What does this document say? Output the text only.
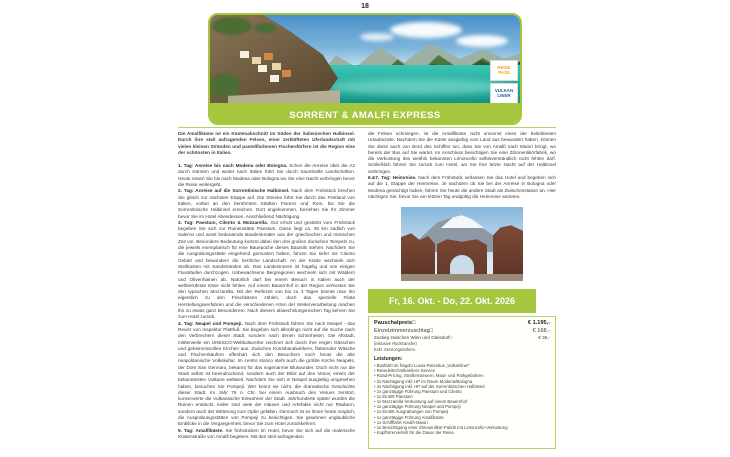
18
REISE
PASS
VULKAN
LINER
SORRENT & AMALFI EXPRESS

Die Amalfiküste ist ein Küstenabschnitt im Süden der italienischen Halbinsel. Durch ihre steil aufragenden Felsen, einer zerklüfteten Uferlandschaft mit vielen kleinen Stränden und pastellfarbenen Fischerdörfern ist die Region eine der schönsten in Italien.

1. Tag: Anreise bis nach Modena oder Bologna. Schon die Anreise über die A2 durch Kärnten und weiter nach Italien führt Sie durch traumhafte Landschaften. Heute reisen Sie bis nach Modena oder Bologna wo Sie eine Nacht verbringen bevor die Reise weitergeht.

2. Tag: Anreise auf die Sorrentinische Halbinsel. Nach dem Frühstück brechen Sie gleich zur nächsten Etappe auf. Die Strecke führt Sie durch das Festland von Italien, vorbei an den berühmten Städten Florenz und Rom, bis Sie die Sorrentinische Halbinsel erreichen. Dort angekommen, beziehen Sie Ihr Zimmer bevor Sie im Hotel Abendessen. Anschließend Nächtigung.

3. Tag: Paestum, Cilento & Mozzarella. Gut erholt und gestärkt vom Frühstück begeben Sie sich zur Ruinenstätte Paestum. Diese liegt ca. 35 km südlich von Salerno und weist bedeutende Baudenkmäler aus der griechischen und römischen Zeit vor. Besondere Bedeutung kommt dabei den drei großen dorischen Tempeln zu, die jeweils exemplarisch für eine Bauepoche dieses Baustils stehen. Nachdem Sie die Ausgrabungsstätte eingehend gemustert haben, fahren Sie tiefer ins Cilento Gebiet und bewundern die herrliche Landschaft. An der Küste wechseln sich Steilküsten mit Sandstränden ab. Das Landesinnere ist hügelig und von einigen Flussläufen durchzogen. Unbewachsene Bergregionen wechseln sich mit Wäldern und Olivenhainen ab. Natürlich darf bei einem Besuch in Italien auch der weltberühmte Käse nicht fehlen. Auf einem Bauernhof in der Region verkosten Sie den typischen Mozzarella. Mit der Reifezeit von bis zu 3 Tagen könnte man ihn eigentlich zu den Frischkäsen zählen, doch das spezielle Filata Herstellungsverfahren und die verschiedenen Arten der Weiterverarbeitung machen ihn zu etwas ganz Besonderem. Nach diesem abwechslungsreichen Tag kehren Sie zum Hotel zurück.

4. Tag: Neapel und Pompeji. Nach dem Frühstück fahren Sie nach Neapel - das Revier von Inspektor Plattfuß. Sie begeben sich allerdings nicht auf die Suche nach den Verbrechern dieser Stadt, sondern nach denen Schönheiten. Die Altstadt, mittlerweile ein UNESCO-Weltkulturerbe zeichnet sich durch ihre engen Gässchen und geheimnisvollen Kirchen aus. Zwischen Kunsthandwerkern, flatternder Wäsche und Fischverkäufern offenbart sich den Besuchern noch heute die alte neapolitanische Volkskultur. Im centro storico steht auch die größte Kirche Neapels, der Dom San Gennaro, bekannt für das sogenannte Blutwunder. Doch nicht nur die Stadt selbst ist beeindruckend, sondern auch der Blick auf den Vesuv, einem der bekanntesten Vulkane weltweit. Nachdem Sie sich in Neapel ausgiebig umgesehen haben, besuchen Sie Pompeji. Wer kennt sie nicht, die dramatische Geschichte dieser Stadt. Im Jahr 79 n. Chr. bei einem Ausbruch des Vesuvs zerstört, konservierte die Vulkanasche Einwohner der Stadt. Jahrhunderte später wurden die Ruinen entdeckt, leider sind viele der Häuser und Artefakte nicht nur Räubern, sondern auch der Witterung zum Opfer gefallen. Dennoch ist es ihnen heute möglich, die Ausgrabungsstätten von Pompeji zu besichtigen. Sie gewinnen unglaubliche Einblicke in die Vergangenheit, bevor Sie zum Hotel zurückkehren.

5. Tag: Amalfiküste. Sie frühstücken im Hotel, bevor Sie sich auf die malerische Küstenstraße von Amalfi begeben. Mit den steil aufragenden

die Felsen schmiegen, ist die Amalfiküste nicht umsonst eines der beliebtesten Urlaubsziele. Nachdem Sie die Küste ausgiebig vom Land aus bewundert haben, können Sie diese auch von Bord des Schiffes tun, dass Sie von Amalfi nach Maiori bringt, wo bereits der Bus auf Sie wartet. Im Anschluss besichtigen Sie eine Zitronenlikörfabrik, wo die Verkostung des weithin bekannten Limoncello selbstverständlich nicht fehlen darf. Schließlich fahren Sie zurück zum Hotel, wo Sie Ihre letzte Nacht auf der Halbinsel verbringen.

6.&7. Tag: Heimreise. Nach dem Frühstück verlassen Sie das Hotel und begeben sich auf die 1. Etappe der Heimreise. Je nachdem ob Sie bei der Anreise in Bologna oder Modena genächtigt haben, fahren Sie heute die andere Stadt als Zwischenstation an. Hier nächtigen Sie, bevor Sie am letzten Tag endgültig die Heimreise antreten.

Fr, 16. Okt. - Do, 22. Okt. 2026
Pauschalpreis□	€ 1.195,-
Einzelzimmerzuschlag□	€ 168,-
Zustieg zwischen Wien und Gleisdorf□	€ 35,-
(inklusive Rücktransfer)
Exkl. Servicegebühren.
Leistungen:
• Busfahrt im fragolo Luxus-Reisebus „Vulkanliner“
• Reiseleiter/Vulkanliner-Service
• Road-Pricing, Straßensteuern, Maut- und Parkgebühren
• 2x Nächtigung inkl. HP im Raum Modena/Bologna
• 4x Nächtigung inkl. HP auf der Sorrentinischen Halbinsel
• 1x ganztägige Führung Paestum und Cilento
• 1x Eintritt Paestum
• 1x Mozzarella-Verkostung auf einem Bauernhof
• 1x ganztägige Führung Neapel und Pompeji
• 1x Eintritt Ausgrabungen von Pompeji
• 1x ganztägige Führung Amalfiküste
• 1x Schifffahrt Amalfi-Maiori
• 1x Besichtigung einer Zitronenlikör-Fabrik mit Limoncello-Verkostung
• Kopfhörerverleih für die Dauer der Reise
